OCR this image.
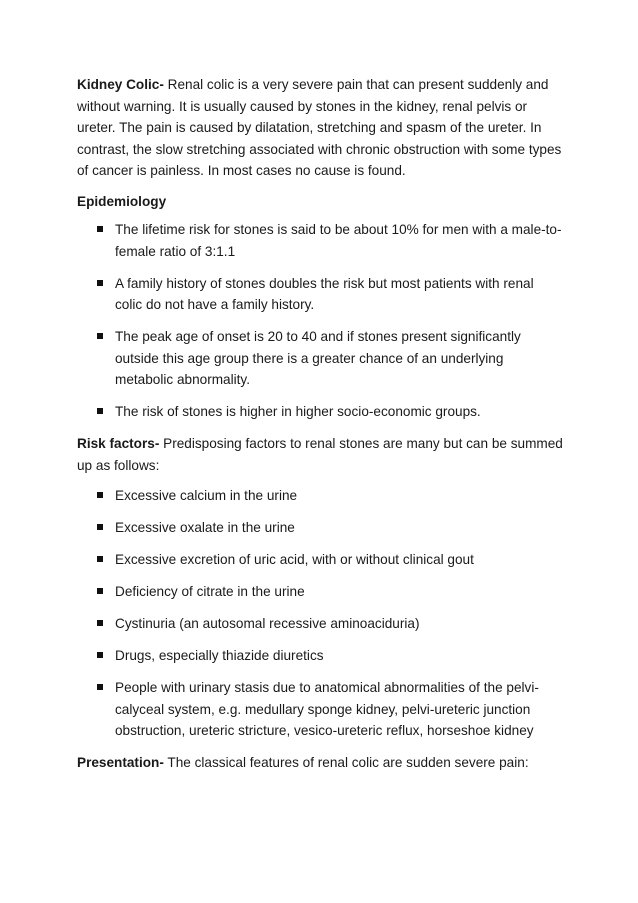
Kidney Colic- Renal colic is a very severe pain that can present suddenly and without warning. It is usually caused by stones in the kidney, renal pelvis or ureter. The pain is caused by dilatation, stretching and spasm of the ureter. In contrast, the slow stretching associated with chronic obstruction with some types of cancer is painless. In most cases no cause is found.

Epidemiology
The lifetime risk for stones is said to be about 10% for men with a male-to-female ratio of 3:1.1
A family history of stones doubles the risk but most patients with renal colic do not have a family history.
The peak age of onset is 20 to 40 and if stones present significantly outside this age group there is a greater chance of an underlying metabolic abnormality.
The risk of stones is higher in higher socio-economic groups.

Risk factors- Predisposing factors to renal stones are many but can be summed up as follows:

Excessive calcium in the urine
Excessive oxalate in the urine
Excessive excretion of uric acid, with or without clinical gout
Deficiency of citrate in the urine
Cystinuria (an autosomal recessive aminoaciduria)
Drugs, especially thiazide diuretics
People with urinary stasis due to anatomical abnormalities of the pelvi-calyceal system, e.g. medullary sponge kidney, pelvi-ureteric junction obstruction, ureteric stricture, vesico-ureteric reflux, horseshoe kidney

Presentation- The classical features of renal colic are sudden severe pain:
